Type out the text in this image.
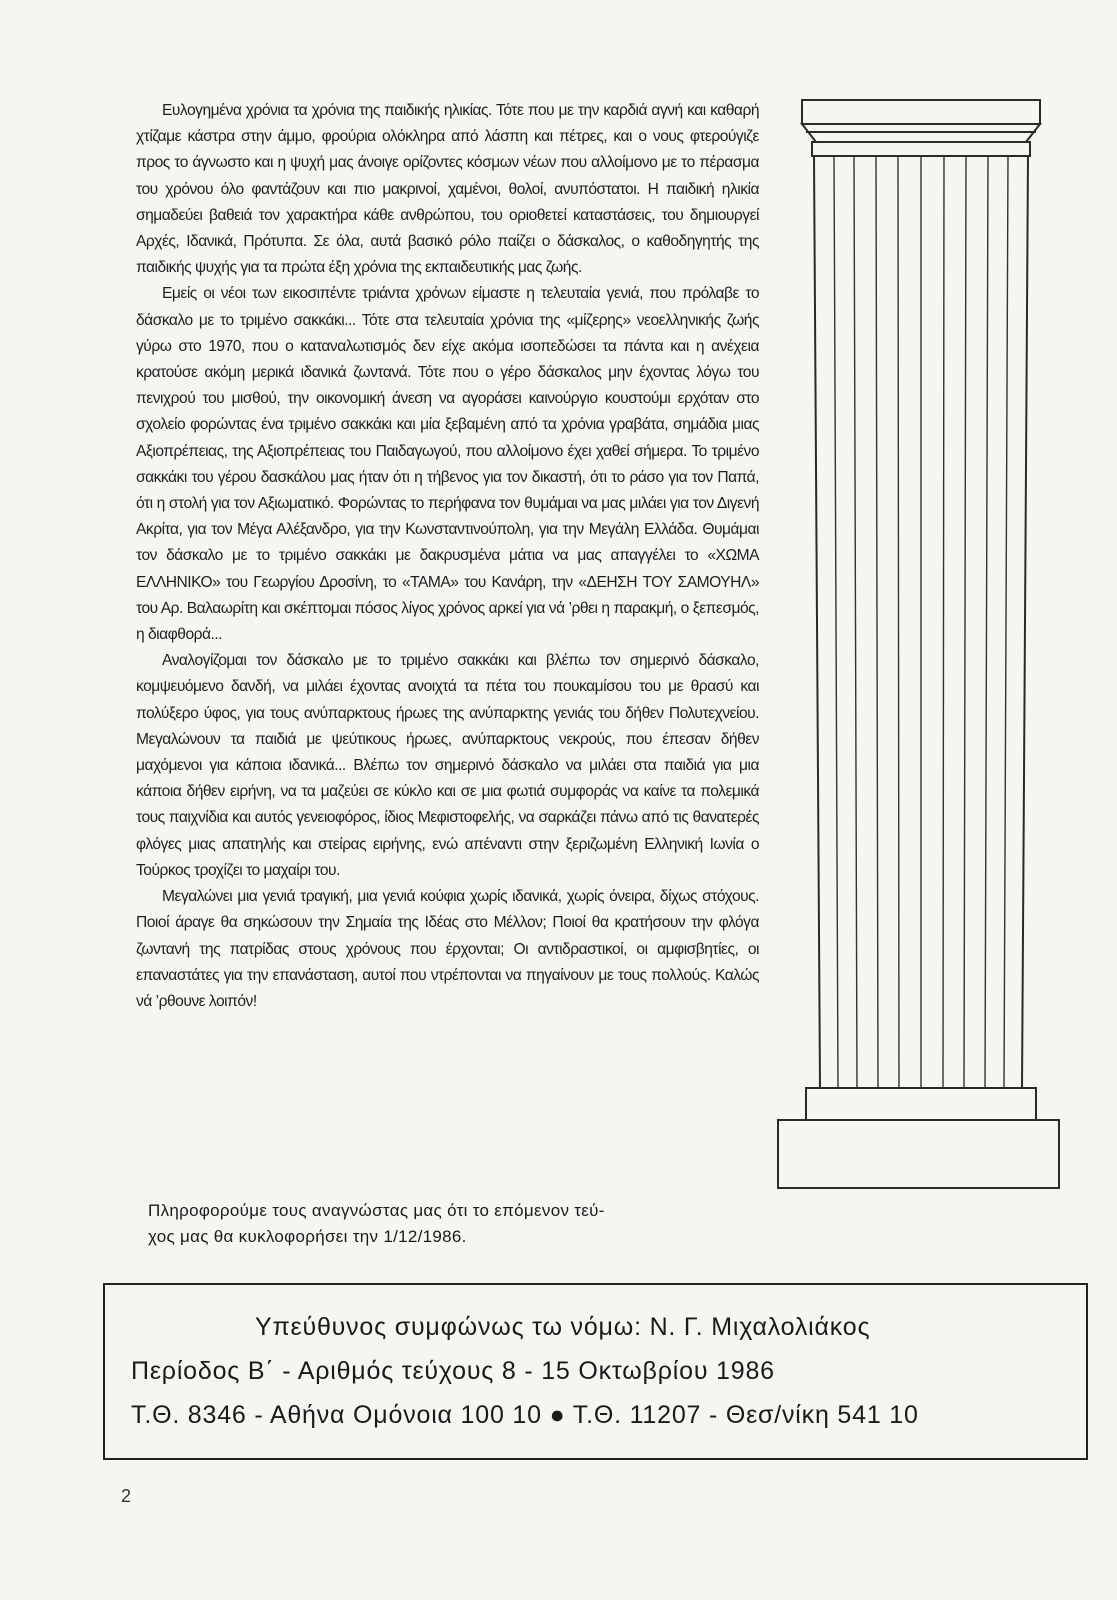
Ευλογημένα χρόνια τα χρόνια της παιδικής ηλικίας. Τότε που με την καρδιά αγνή και καθαρή χτίζαμε κάστρα στην άμμο, φρούρια ολόκληρα από λάσπη και πέτρες, και ο νους φτερούγιζε προς το άγνωστο και η ψυχή μας άνοιγε ορίζοντες κόσμων νέων που αλλοίμονο με το πέρασμα του χρόνου όλο φαντάζουν και πιο μακρινοί, χαμένοι, θολοί, ανυπόστατοι. Η παιδική ηλικία σημαδεύει βαθειά τον χαρακτήρα κάθε ανθρώπου, του οριοθετεί καταστάσεις, του δημιουργεί Αρχές, Ιδανικά, Πρότυπα. Σε όλα, αυτά βασικό ρόλο παίζει ο δάσκαλος, ο καθοδηγητής της παιδικής ψυχής για τα πρώτα έξη χρόνια της εκπαιδευτικής μας ζωής.

Εμείς οι νέοι των εικοσιπέντε τριάντα χρόνων είμαστε η τελευταία γενιά, που πρόλαβε το δάσκαλο με το τριμένο σακκάκι... Τότε στα τελευταία χρόνια της «μίζερης» νεοελληνικής ζωής γύρω στο 1970, που ο καταναλωτισμός δεν είχε ακόμα ισοπεδώσει τα πάντα και η ανέχεια κρατούσε ακόμη μερικά ιδανικά ζωντανά. Τότε που ο γέρο δάσκαλος μην έχοντας λόγω του πενιχρού του μισθού, την οικονομική άνεση να αγοράσει καινούργιο κουστούμι ερχόταν στο σχολείο φορώντας ένα τριμένο σακκάκι και μία ξεβαμένη από τα χρόνια γραβάτα, σημάδια μιας Αξιοπρέπειας, της Αξιοπρέπειας του Παιδαγωγού, που αλλοίμονο έχει χαθεί σήμερα. Το τριμένο σακκάκι του γέρου δασκάλου μας ήταν ότι η τήβενος για τον δικαστή, ότι το ράσο για τον Παπά, ότι η στολή για τον Αξιωματικό. Φορώντας το περήφανα τον θυμάμαι να μας μιλάει για τον Διγενή Ακρίτα, για τον Μέγα Αλέξανδρο, για την Κωνσταντινούπολη, για την Μεγάλη Ελλάδα. Θυμάμαι τον δάσκαλο με το τριμένο σακκάκι με δακρυσμένα μάτια να μας απαγγέλει το «ΧΩΜΑ ΕΛΛΗΝΙΚΟ» του Γεωργίου Δροσίνη, το «ΤΑΜΑ» του Κανάρη, την «ΔΕΗΣΗ ΤΟΥ ΣΑΜΟΥΗΛ» του Αρ. Βαλαωρίτη και σκέπτομαι πόσος λίγος χρόνος αρκεί για νά ’ρθει η παρακμή, ο ξεπεσμός, η διαφθορά...

Αναλογίζομαι τον δάσκαλο με το τριμένο σακκάκι και βλέπω τον σημερινό δάσκαλο, κομψευόμενο δανδή, να μιλάει έχοντας ανοιχτά τα πέτα του πουκαμίσου του με θρασύ και πολύξερο ύφος, για τους ανύπαρκτους ήρωες της ανύπαρκτης γενιάς του δήθεν Πολυτεχνείου. Μεγαλώνουν τα παιδιά με ψεύτικους ήρωες, ανύπαρκτους νεκρούς, που έπεσαν δήθεν μαχόμενοι για κάποια ιδανικά... Βλέπω τον σημερινό δάσκαλο να μιλάει στα παιδιά για μια κάποια δήθεν ειρήνη, να τα μαζεύει σε κύκλο και σε μια φωτιά συμφοράς να καίνε τα πολεμικά τους παιχνίδια και αυτός γενειοφόρος, ίδιος Μεφιστοφελής, να σαρκάζει πάνω από τις θανατερές φλόγες μιας απατηλής και στείρας ειρήνης, ενώ απέναντι στην ξεριζωμένη Ελληνική Ιωνία ο Τούρκος τροχίζει το μαχαίρι του.

Μεγαλώνει μια γενιά τραγική, μια γενιά κούφια χωρίς ιδανικά, χωρίς όνειρα, δίχως στόχους. Ποιοί άραγε θα σηκώσουν την Σημαία της Ιδέας στο Μέλλον; Ποιοί θα κρατήσουν την φλόγα ζωντανή της πατρίδας στους χρόνους που έρχονται; Οι αντιδραστικοί, οι αμφισβητίες, οι επαναστάτες για την επανάσταση, αυτοί που ντρέπονται να πηγαίνουν με τους πολλούς. Καλώς νά ’ρθουνε λοιπόν!

Πληροφορούμε τους αναγνώστας μας ότι το επόμενον τεύ-
χος μας θα κυκλοφορήσει την 1/12/1986.
Υπεύθυνος συμφώνως τω νόμω: Ν. Γ. Μιχαλολιάκος
Περίοδος Β΄ - Αριθμός τεύχους 8 - 15 Οκτωβρίου 1986
Τ.Θ. 8346 - Αθήνα Ομόνοια 100 10 ● Τ.Θ. 11207 - Θεσ/νίκη 541 10
2
